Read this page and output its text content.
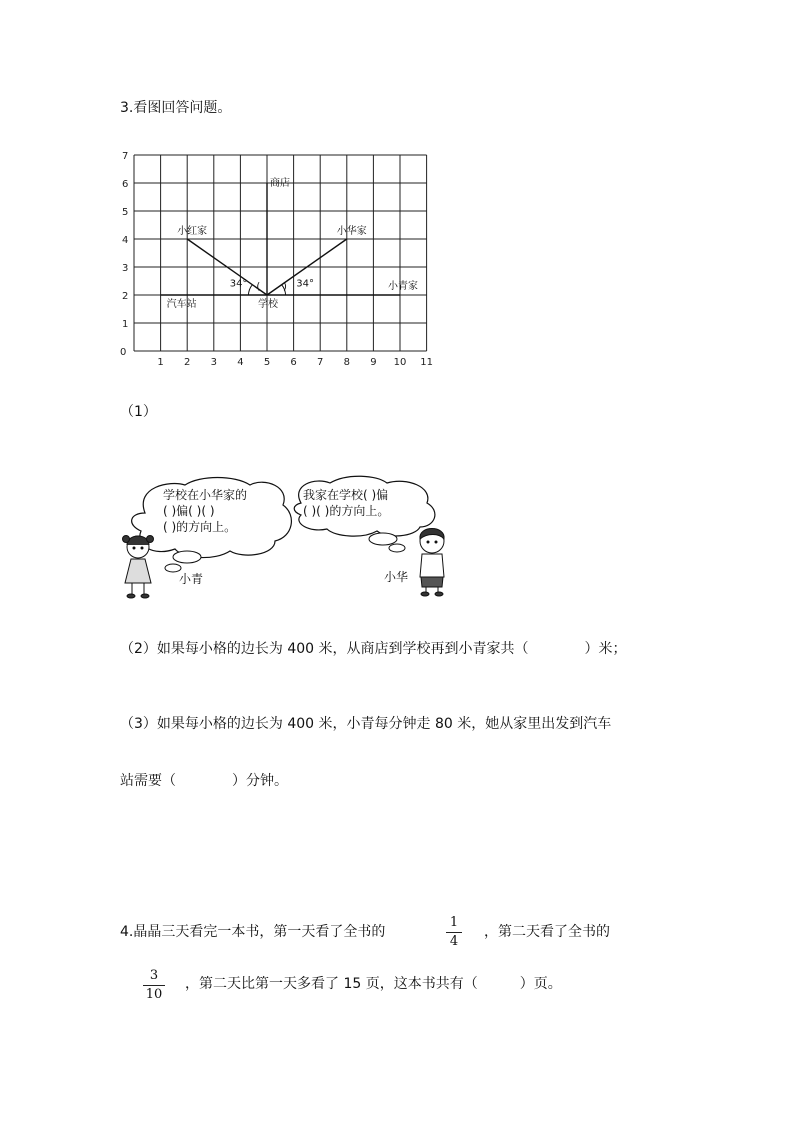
3.看图回答问题。
0
1 2 3 4 5 6 7 8 9 10 11
1
2
3
4
5
6
7
商店
小红家	小华家
小青家
汽车站	学校
34°	34°
( )
（1）
学校在小华家的
( )偏( )( )
( )的方向上。
我家在学校( )偏
( )( )的方向上。
小青	小华
（2）如果每小格的边长为 400 米，从商店到学校再到小青家共（　　　　）米；
（3）如果每小格的边长为 400 米，小青每分钟走 80 米，她从家里出发到汽车
站需要（　　　　）分钟。
4.晶晶三天看完一本书，第一天看了全书的
1
4
，第二天看了全书的
3
10
，第二天比第一天多看了 15 页，这本书共有（　　　）页。
